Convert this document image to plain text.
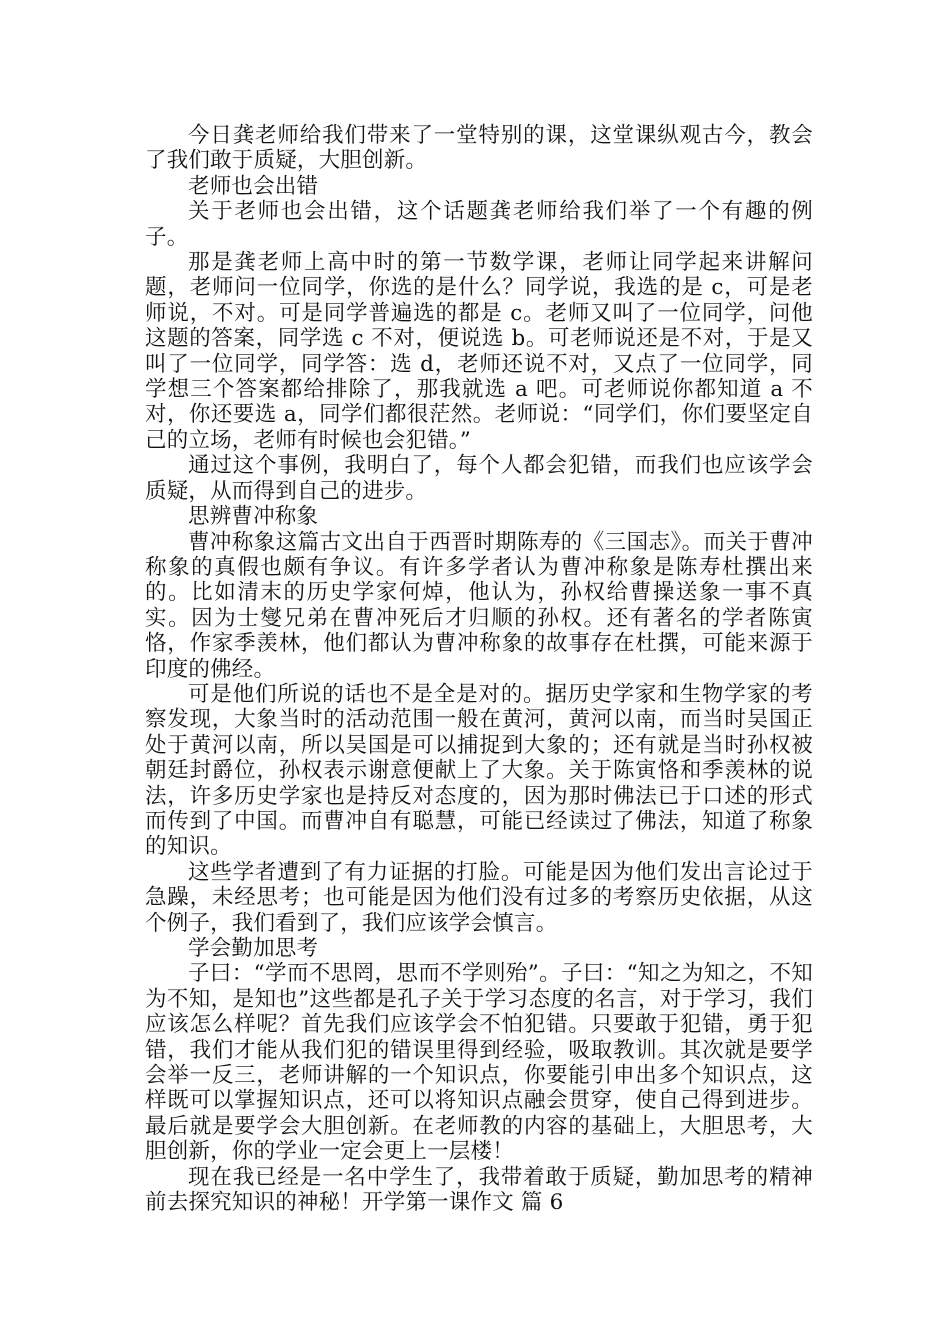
今日龚老师给我们带来了一堂特别的课，这堂课纵观古今，教会了我们敢于质疑，大胆创新。

老师也会出错

关于老师也会出错，这个话题龚老师给我们举了一个有趣的例子。

那是龚老师上高中时的第一节数学课，老师让同学起来讲解问题，老师问一位同学，你选的是什么？同学说，我选的是 c，可是老师说，不对。可是同学普遍选的都是 c。老师又叫了一位同学，问他这题的答案，同学选 c 不对，便说选 b。可老师说还是不对，于是又叫了一位同学，同学答：选 d，老师还说不对，又点了一位同学，同学想三个答案都给排除了，那我就选 a 吧。可老师说你都知道 a 不对，你还要选 a，同学们都很茫然。老师说：“同学们，你们要坚定自己的立场，老师有时候也会犯错。”

通过这个事例，我明白了，每个人都会犯错，而我们也应该学会质疑，从而得到自己的进步。

思辨曹冲称象

曹冲称象这篇古文出自于西晋时期陈寿的《三国志》。而关于曹冲称象的真假也颇有争议。有许多学者认为曹冲称象是陈寿杜撰出来的。比如清末的历史学家何焯，他认为，孙权给曹操送象一事不真实。因为士燮兄弟在曹冲死后才归顺的孙权。还有著名的学者陈寅恪，作家季羡林，他们都认为曹冲称象的故事存在杜撰，可能来源于印度的佛经。

可是他们所说的话也不是全是对的。据历史学家和生物学家的考察发现，大象当时的活动范围一般在黄河，黄河以南，而当时吴国正处于黄河以南，所以吴国是可以捕捉到大象的；还有就是当时孙权被朝廷封爵位，孙权表示谢意便献上了大象。关于陈寅恪和季羡林的说法，许多历史学家也是持反对态度的，因为那时佛法已于口述的形式而传到了中国。而曹冲自有聪慧，可能已经读过了佛法，知道了称象的知识。

这些学者遭到了有力证据的打脸。可能是因为他们发出言论过于急躁，未经思考；也可能是因为他们没有过多的考察历史依据，从这个例子，我们看到了，我们应该学会慎言。

学会勤加思考

子曰：“学而不思罔，思而不学则殆”。子曰：“知之为知之，不知为不知，是知也”这些都是孔子关于学习态度的名言，对于学习，我们应该怎么样呢？首先我们应该学会不怕犯错。只要敢于犯错，勇于犯错，我们才能从我们犯的错误里得到经验，吸取教训。其次就是要学会举一反三，老师讲解的一个知识点，你要能引申出多个知识点，这样既可以掌握知识点，还可以将知识点融会贯穿，使自己得到进步。最后就是要学会大胆创新。在老师教的内容的基础上，大胆思考，大胆创新，你的学业一定会更上一层楼！

现在我已经是一名中学生了，我带着敢于质疑，勤加思考的精神前去探究知识的神秘！开学第一课作文 篇 6
